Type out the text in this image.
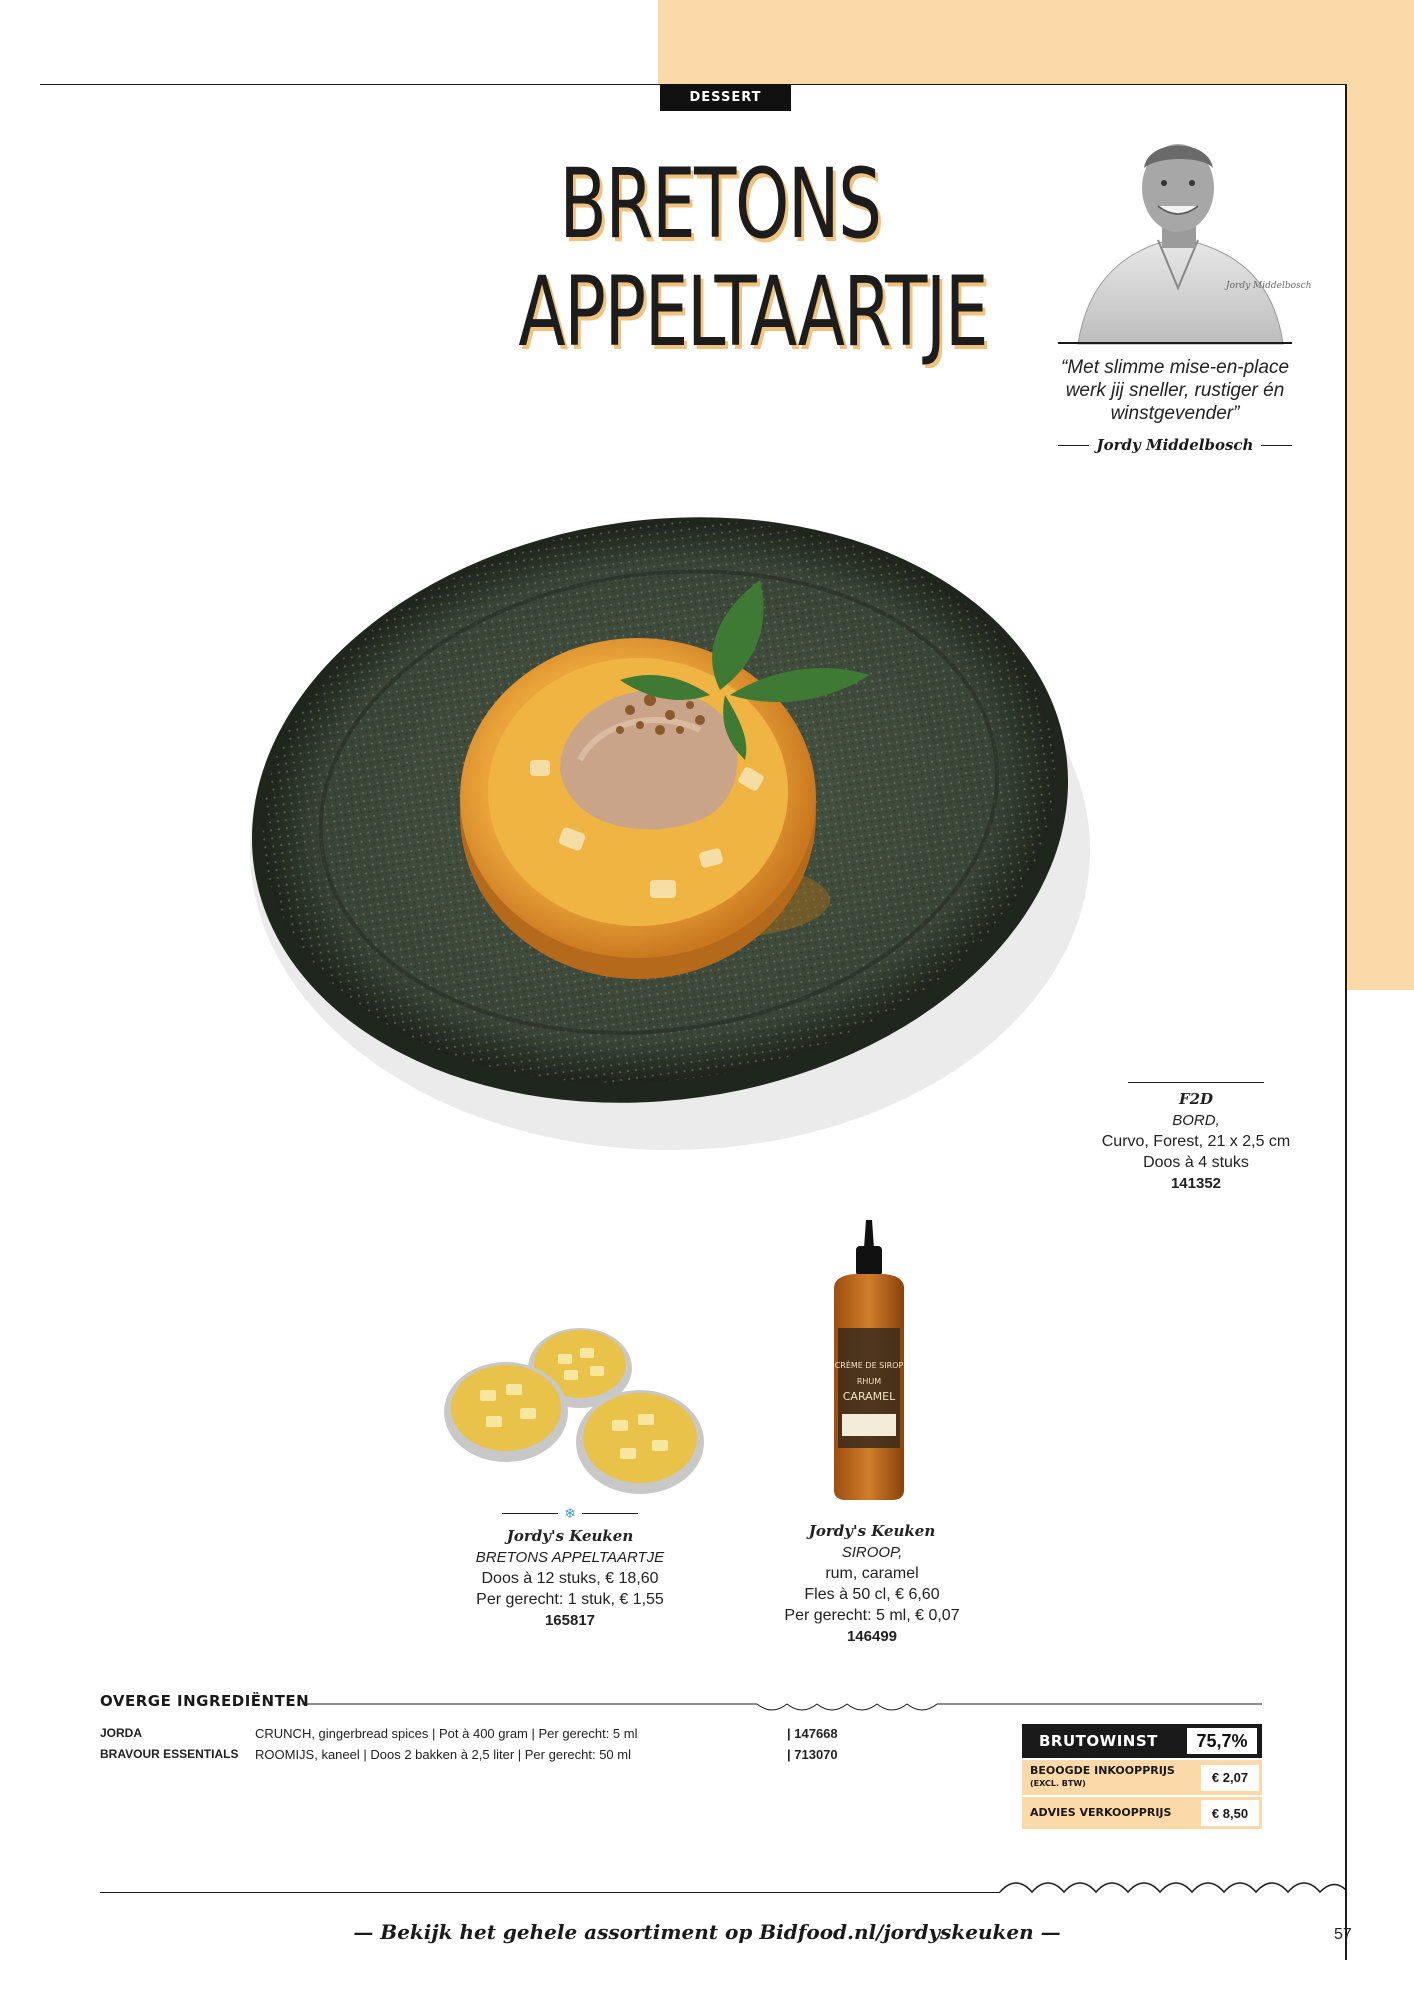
DESSERT
BRETONS
APPELTAARTJE	Jordy Middelbosch
“Met slimme mise-en-place werk jij sneller, rustiger én winstgevender”
Jordy Middelbosch
F2D
BORD,
Curvo, Forest, 21 x 2,5 cm
Doos à 4 stuks
141352
CRÈME DE SIROP
RHUM
CARAMEL
❄
Jordy's Keuken
BRETONS APPELTAARTJE
Doos à 12 stuks, € 18,60
Per gerecht: 1 stuk, € 1,55
165817
Jordy's Keuken
SIROOP,
rum, caramel
Fles à 50 cl, € 6,60
Per gerecht: 5 ml, € 0,07
146499
OVERGE INGREDIËNTEN
JORDA	CRUNCH, gingerbread spices | Pot à 400 gram | Per gerecht: 5 ml	| 147668
BRAVOUR ESSENTIALS	ROOMIJS, kaneel | Doos 2 bakken à 2,5 liter | Per gerecht: 50 ml	| 713070
BRUTOWINST	75,7%
BEOOGDE INKOOPPRIJS (EXCL. BTW)	€ 2,07
ADVIES VERKOOPPRIJS	€ 8,50
— Bekijk het gehele assortiment op Bidfood.nl/jordyskeuken —	57
